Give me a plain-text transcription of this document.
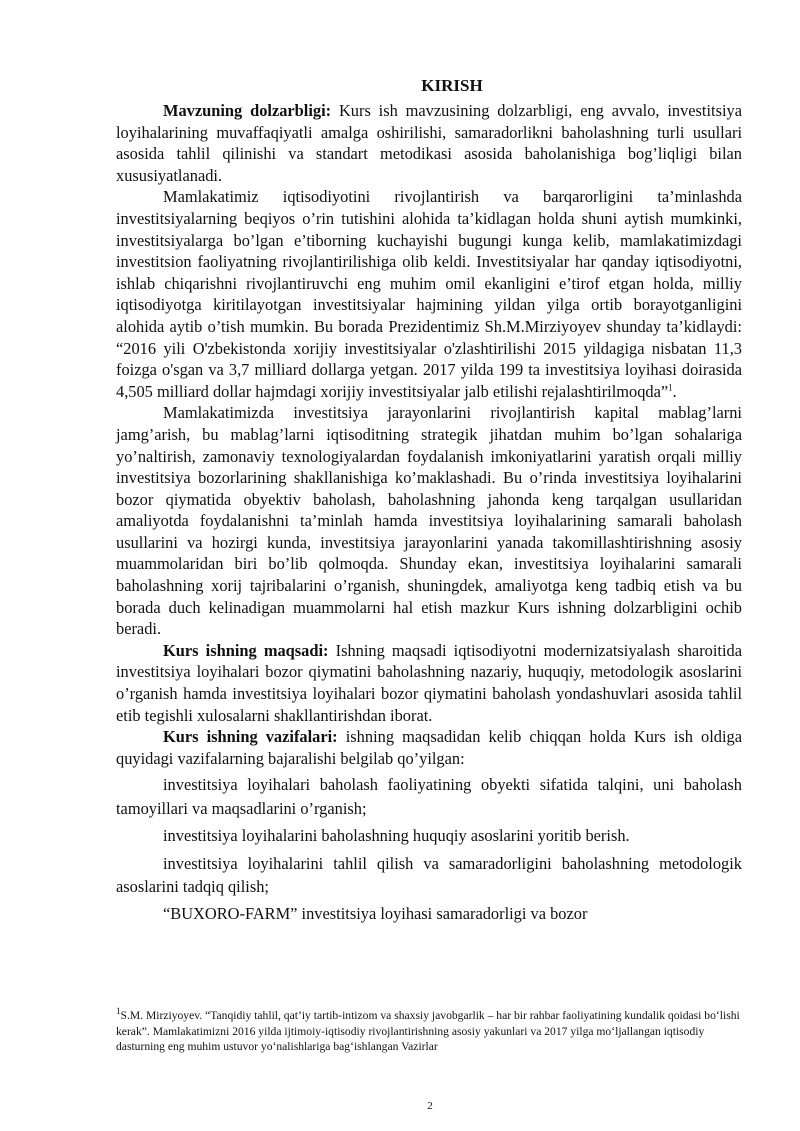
KIRISH

Mavzuning dolzarbligi: Kurs ish mavzusining dolzarbligi, eng avvalo, investitsiya loyihalarining muvaffaqiyatli amalga oshirilishi, samaradorlikni baholashning turli usullari asosida tahlil qilinishi va standart metodikasi asosida baholanishiga bog’liqligi bilan xususiyatlanadi.

Mamlakatimiz iqtisodiyotini rivojlantirish va barqarorligini ta’minlashda investitsiyalarning beqiyos o’rin tutishini alohida ta’kidlagan holda shuni aytish mumkinki, investitsiyalarga bo’lgan e’tiborning kuchayishi bugungi kunga kelib, mamlakatimizdagi investitsion faoliyatning rivojlantirilishiga olib keldi. Investitsiyalar har qanday iqtisodiyotni, ishlab chiqarishni rivojlantiruvchi eng muhim omil ekanligini e’tirof etgan holda, milliy iqtisodiyotga kiritilayotgan investitsiyalar hajmining yildan yilga ortib borayotganligini alohida aytib o’tish mumkin. Bu borada Prezidentimiz Sh.M.Mirziyoyev shunday ta’kidlaydi: “2016 yili O'zbekistonda xorijiy investitsiyalar o'zlashtirilishi 2015 yildagiga nisbatan 11,3 foizga o'sgan va 3,7 milliard dollarga yetgan. 2017 yilda 199 ta investitsiya loyihasi doirasida 4,505 milliard dollar hajmdagi xorijiy investitsiyalar jalb etilishi rejalashtirilmoqda”$^1$.

Mamlakatimizda investitsiya jarayonlarini rivojlantirish kapital mablag’larni jamg’arish, bu mablag’larni iqtisoditning strategik jihatdan muhim bo’lgan sohalariga yo’naltirish, zamonaviy texnologiyalardan foydalanish imkoniyatlarini yaratish orqali milliy investitsiya bozorlarining shakllanishiga ko’maklashadi. Bu o’rinda investitsiya loyihalarini bozor qiymatida obyektiv baholash, baholashning jahonda keng tarqalgan usullaridan amaliyotda foydalanishni ta’minlah hamda investitsiya loyihalarining samarali baholash usullarini va hozirgi kunda, investitsiya jarayonlarini yanada takomillashtirishning asosiy muammolaridan biri bo’lib qolmoqda. Shunday ekan, investitsiya loyihalarini samarali baholashning xorij tajribalarini o’rganish, shuningdek, amaliyotga keng tadbiq etish va bu borada duch kelinadigan muammolarni hal etish mazkur Kurs ishning dolzarbligini ochib beradi.

Kurs ishning maqsadi: Ishning maqsadi iqtisodiyotni modernizatsiyalash sharoitida investitsiya loyihalari bozor qiymatini baholashning nazariy, huquqiy, metodologik asoslarini o’rganish hamda investitsiya loyihalari bozor qiymatini baholash yondashuvlari asosida tahlil etib tegishli xulosalarni shakllantirishdan iborat.

Kurs ishning vazifalari: ishning maqsadidan kelib chiqqan holda Kurs ish oldiga quyidagi vazifalarning bajaralishi belgilab qo’yilgan:

investitsiya loyihalari baholash faoliyatining obyekti sifatida talqini, uni baholash tamoyillari va maqsadlarini o’rganish;

investitsiya loyihalarini baholashning huquqiy asoslarini yoritib berish.

investitsiya loyihalarini tahlil qilish va samaradorligini baholashning metodologik asoslarini tadqiq qilish;

“BUXORO-FARM” investitsiya loyihasi samaradorligi va bozor

$^1$S.M. Mirziyoyev. “Tanqidiy tahlil, qat’iy tartib-intizom va shaxsiy javobgarlik – har bir rahbar faoliyatining kundalik qoidasi bo‘lishi kerak”. Mamlakatimizni 2016 yilda ijtimoiy-iqtisodiy rivojlantirishning asosiy yakunlari va 2017 yilga mo‘ljallangan iqtisodiy dasturning eng muhim ustuvor yo‘nalishlariga bag‘ishlangan Vazirlar

2
